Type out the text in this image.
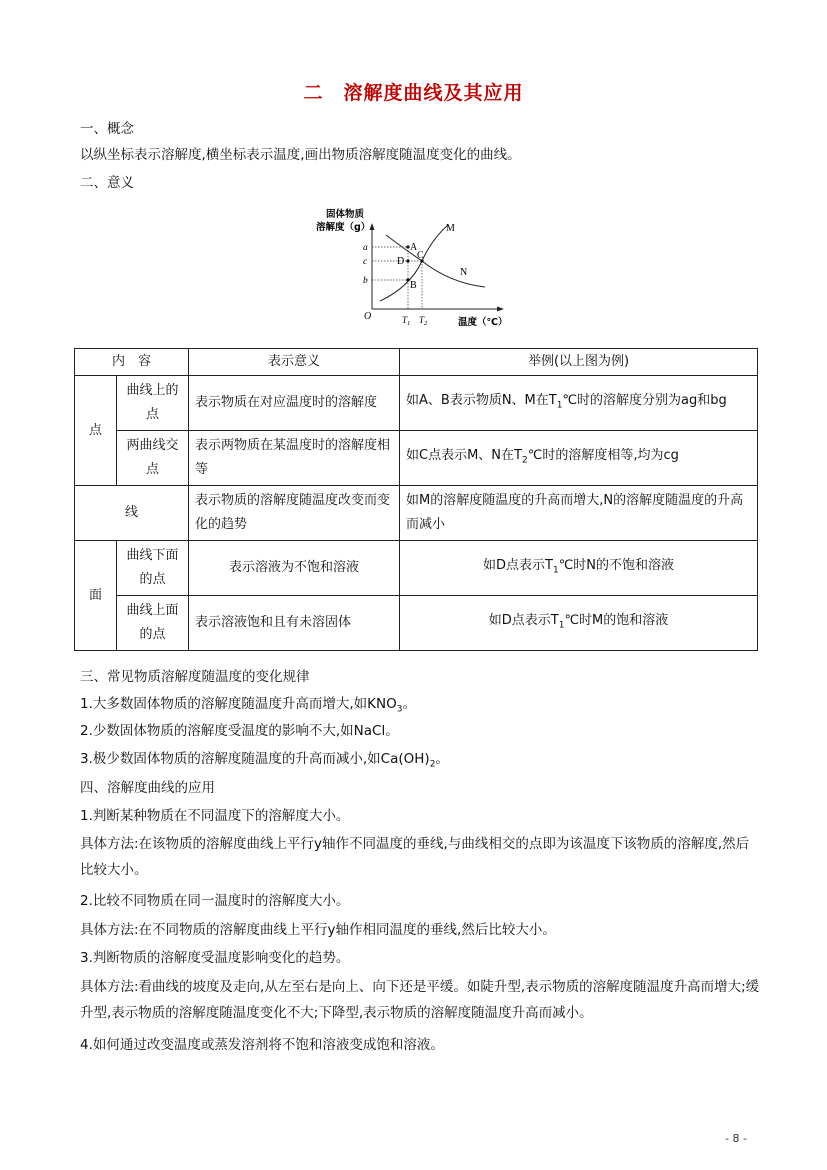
二　溶解度曲线及其应用
一、概念
以纵坐标表示溶解度,横坐标表示温度,画出物质溶解度随温度变化的曲线。
二、意义
固体物质
溶解度（g）
温度（℃）
O
a
c
b
$T_1$ $T_2$
A
D
C
B
M
N
内　容		表示意义	举例(以上图为例)
点	曲线上的点	表示物质在对应温度时的溶解度	如A、B表示物质N、M在$T_1℃$时的溶解度分别为ag和bg
	两曲线交点	表示两物质在某温度时的溶解度相等	如C点表示M、N在$T_2℃$时的溶解度相等,均为cg
线		表示物质的溶解度随温度改变而变化的趋势	如M的溶解度随温度的升高而增大,N的溶解度随温度的升高而减小
面	曲线下面的点	表示溶液为不饱和溶液	如D点表示$T_1℃$时N的不饱和溶液
	曲线上面的点	表示溶液饱和且有未溶固体	如D点表示$T_1℃$时M的饱和溶液
三、常见物质溶解度随温度的变化规律
1.大多数固体物质的溶解度随温度升高而增大,如$KNO_3$。
2.少数固体物质的溶解度受温度的影响不大,如NaCl。
3.极少数固体物质的溶解度随温度的升高而减小,如$Ca(OH)_2$。
四、溶解度曲线的应用
1.判断某种物质在不同温度下的溶解度大小。
具体方法:在该物质的溶解度曲线上平行y轴作不同温度的垂线,与曲线相交的点即为该温度下该物质的溶解度,然后比较大小。
2.比较不同物质在同一温度时的溶解度大小。
具体方法:在不同物质的溶解度曲线上平行y轴作相同温度的垂线,然后比较大小。
3.判断物质的溶解度受温度影响变化的趋势。
具体方法:看曲线的坡度及走向,从左至右是向上、向下还是平缓。如陡升型,表示物质的溶解度随温度升高而增大;缓升型,表示物质的溶解度随温度变化不大;下降型,表示物质的溶解度随温度升高而减小。
4.如何通过改变温度或蒸发溶剂将不饱和溶液变成饱和溶液。
- 8 -
